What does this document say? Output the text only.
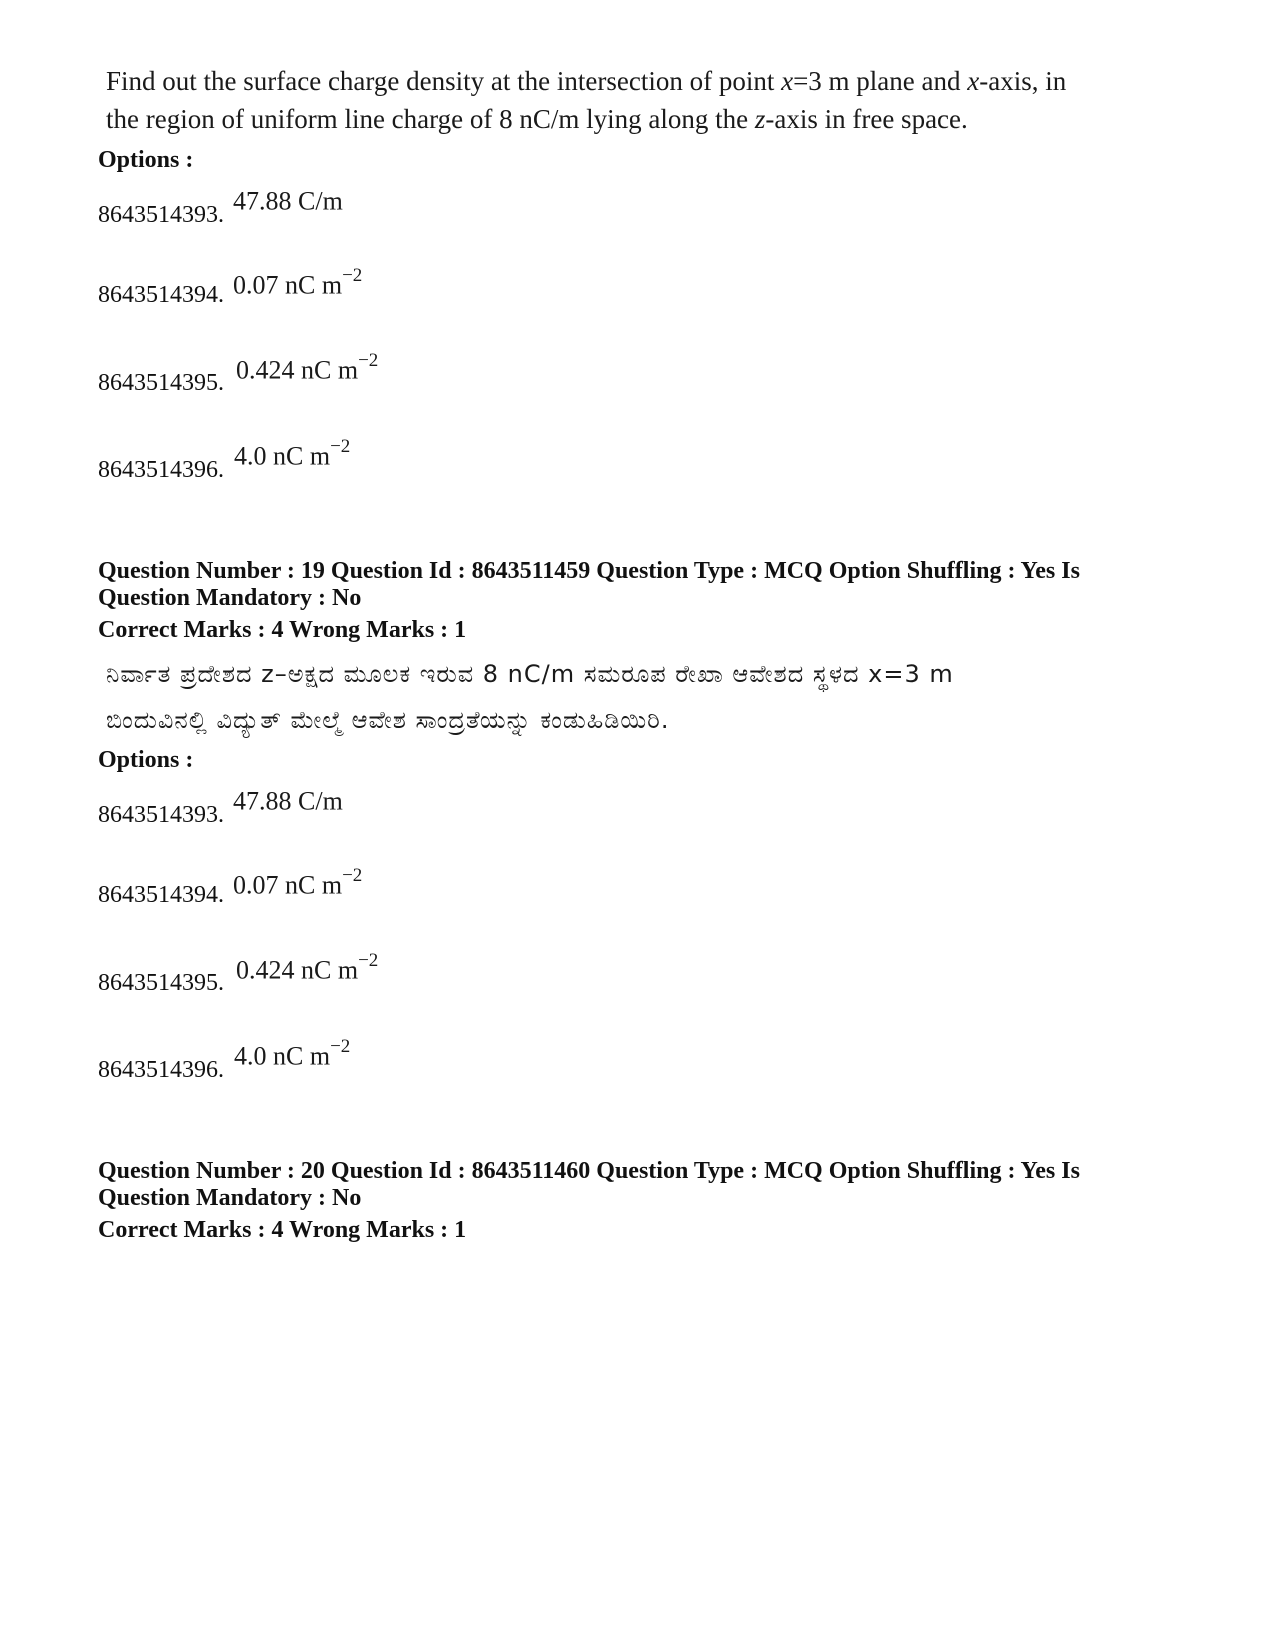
Find out the surface charge density at the intersection of point x=3 m plane and x-axis, in
the region of uniform line charge of 8 nC/m lying along the z-axis in free space.
Options :
8643514393. 47.88 C/m
8643514394. 0.07 nC $m^{-2}$
8643514395. 0.424 nC $m^{-2}$
8643514396. 4.0 nC $m^{-2}$
Question Number : 19 Question Id : 8643511459 Question Type : MCQ Option Shuffling : Yes Is
Question Mandatory : No
Correct Marks : 4 Wrong Marks : 1
ನಿರ್ವಾತ ಪ್ರದೇಶದ z–ಅಕ್ಷದ ಮೂಲಕ ಇರುವ 8 nC/m ಸಮರೂಪ ರೇಖಾ ಆವೇಶದ ಸ್ಥಳದ x=3 m
ಬಿಂದುವಿನಲ್ಲಿ ವಿದ್ಯುತ್ ಮೇಲ್ಮೆ ಆವೇಶ ಸಾಂದ್ರತೆಯನ್ನು ಕಂಡುಹಿಡಿಯಿರಿ.
Options :
8643514393. 47.88 C/m
8643514394. 0.07 nC $m^{-2}$
8643514395. 0.424 nC $m^{-2}$
8643514396. 4.0 nC $m^{-2}$
Question Number : 20 Question Id : 8643511460 Question Type : MCQ Option Shuffling : Yes Is
Question Mandatory : No
Correct Marks : 4 Wrong Marks : 1
